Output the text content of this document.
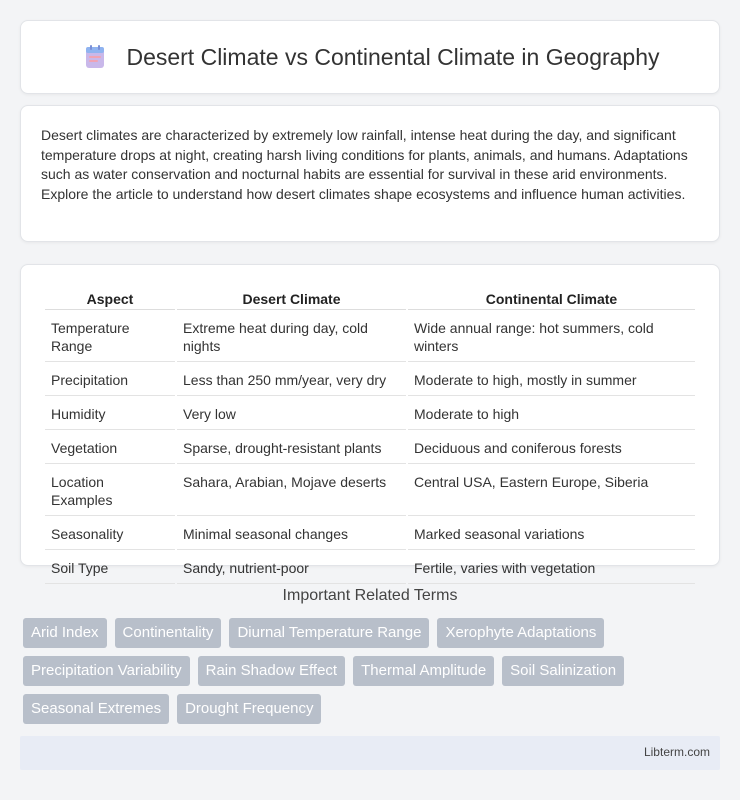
Desert Climate vs Continental Climate in Geography

Desert climates are characterized by extremely low rainfall, intense heat during the day, and significant temperature drops at night, creating harsh living conditions for plants, animals, and humans. Adaptations such as water conservation and nocturnal habits are essential for survival in these arid environments. Explore the article to understand how desert climates shape ecosystems and influence human activities.

Aspect	Desert Climate	Continental Climate
Temperature Range	Extreme heat during day, cold nights	Wide annual range: hot summers, cold winters
Precipitation	Less than 250 mm/year, very dry	Moderate to high, mostly in summer
Humidity	Very low	Moderate to high
Vegetation	Sparse, drought-resistant plants	Deciduous and coniferous forests
Location Examples	Sahara, Arabian, Mojave deserts	Central USA, Eastern Europe, Siberia
Seasonality	Minimal seasonal changes	Marked seasonal variations
Soil Type	Sandy, nutrient-poor	Fertile, varies with vegetation
Important Related Terms
Arid Index	Continentality	Diurnal Temperature Range	Xerophyte Adaptations
Precipitation Variability	Rain Shadow Effect	Thermal Amplitude	Soil Salinization
Seasonal Extremes	Drought Frequency
Libterm.com
